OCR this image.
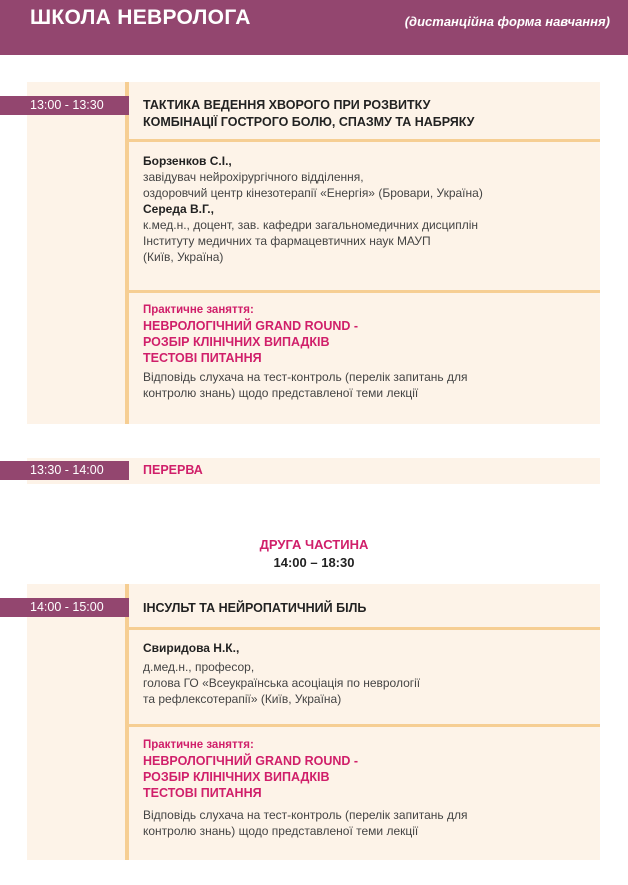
ШКОЛА НЕВРОЛОГА	(дистанційна форма навчання)
13:00 - 13:30	ТАКТИКА ВЕДЕННЯ ХВОРОГО ПРИ РОЗВИТКУ
КОМБІНАЦІЇ ГОСТРОГО БОЛЮ, СПАЗМУ ТА НАБРЯКУ
Борзенков С.І.,
завідувач нейрохірургічного відділення,
оздоровчий центр кінезотерапії «Енергія» (Бровари, Україна)
Середа В.Г.,
к.мед.н., доцент, зав. кафедри загальномедичних дисциплін
Інституту медичних та фармацевтичних наук МАУП
(Київ, Україна)
Практичне заняття:
НЕВРОЛОГІЧНИЙ GRAND ROUND -
РОЗБІР КЛІНІЧНИХ ВИПАДКІВ
ТЕСТОВІ ПИТАННЯ
Відповідь слухача на тест-контроль (перелік запитань для
контролю знань) щодо представленої теми лекції
13:30 - 14:00	ПЕРЕРВА
ДРУГА ЧАСТИНА
14:00 – 18:30
14:00 - 15:00	ІНСУЛЬТ ТА НЕЙРОПАТИЧНИЙ БІЛЬ
Свиридова Н.К.,
д.мед.н., професор,
голова ГО «Всеукраїнська асоціація по неврології
та рефлексотерапії» (Київ, Україна)
Практичне заняття:
НЕВРОЛОГІЧНИЙ GRAND ROUND -
РОЗБІР КЛІНІЧНИХ ВИПАДКІВ
ТЕСТОВІ ПИТАННЯ
Відповідь слухача на тест-контроль (перелік запитань для
контролю знань) щодо представленої теми лекції
